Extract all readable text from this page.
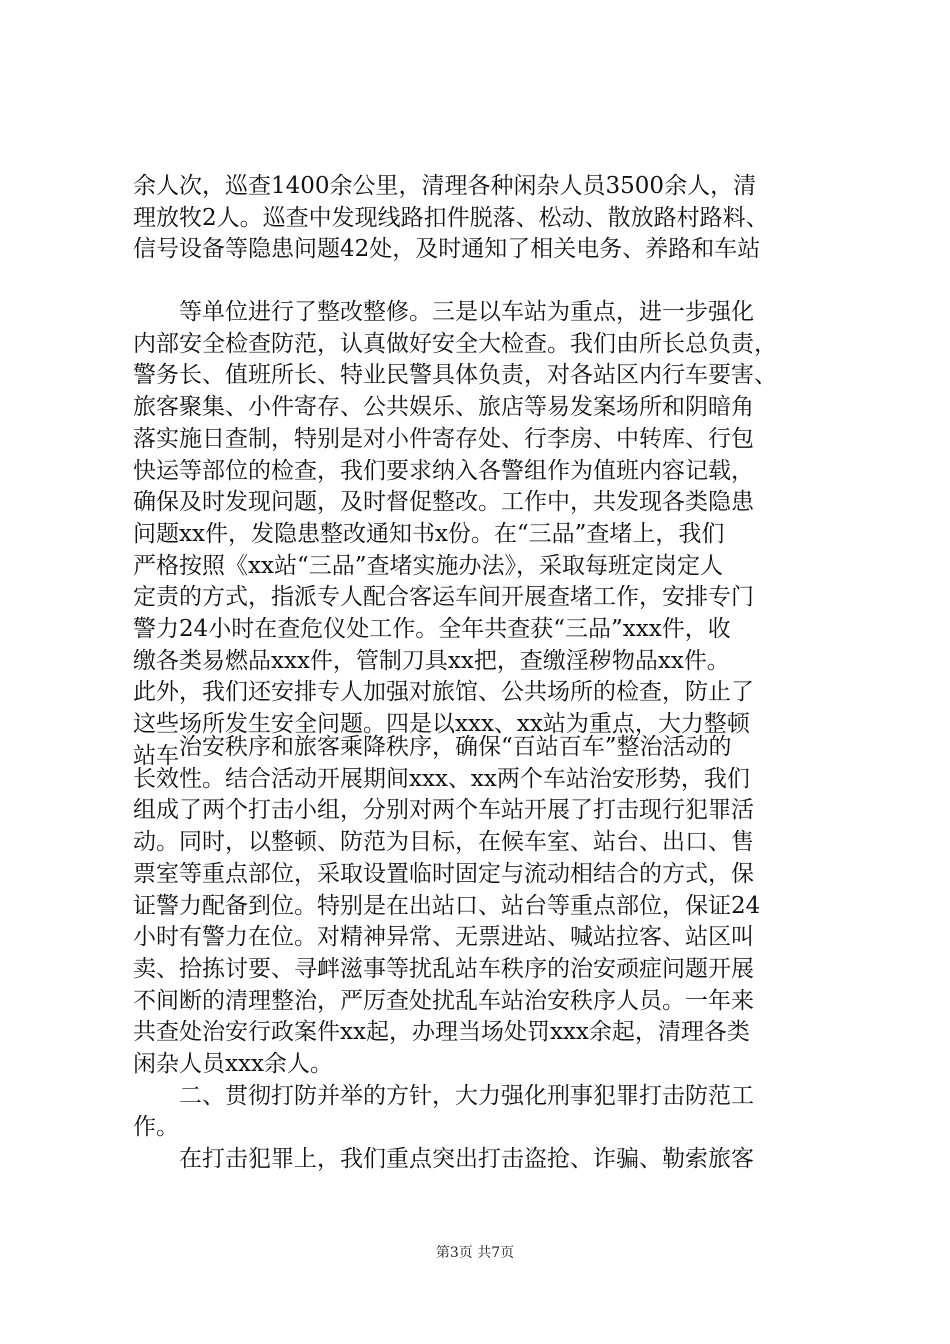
余人次，巡查1400余公里，清理各种闲杂人员3500余人，清
理放牧2人。巡查中发现线路扣件脱落、松动、散放路村路料、
信号设备等隐患问题42处，及时通知了相关电务、养路和车站
等单位进行了整改整修。三是以车站为重点，进一步强化
内部安全检查防范，认真做好安全大检查。我们由所长总负责，
警务长、值班所长、特业民警具体负责，对各站区内行车要害、
旅客聚集、小件寄存、公共娱乐、旅店等易发案场所和阴暗角
落实施日查制，特别是对小件寄存处、行李房、中转库、行包
快运等部位的检查，我们要求纳入各警组作为值班内容记载，
确保及时发现问题，及时督促整改。工作中，共发现各类隐患
问题xx件，发隐患整改通知书x份。在“三品”查堵上，我们
严格按照《xx站“三品”查堵实施办法》，采取每班定岗定人
定责的方式，指派专人配合客运车间开展查堵工作，安排专门
警力24小时在查危仪处工作。全年共查获“三品”xxx件，收
缴各类易燃品xxx件，管制刀具xx把，查缴淫秽物品xx件。
此外，我们还安排专人加强对旅馆、公共场所的检查，防止了
这些场所发生安全问题。四是以xxx、xx站为重点，大力整顿
站车 治安秩序和旅客乘降秩序，确保“百站百车”整治活动的
长效性。结合活动开展期间xxx、xx两个车站治安形势，我们
组成了两个打击小组，分别对两个车站开展了打击现行犯罪活
动。同时，以整顿、防范为目标，在候车室、站台、出口、售
票室等重点部位，采取设置临时固定与流动相结合的方式，保
证警力配备到位。特别是在出站口、站台等重点部位，保证24
小时有警力在位。对精神异常、无票进站、喊站拉客、站区叫
卖、拾拣讨要、寻衅滋事等扰乱站车秩序的治安顽症问题开展
不间断的清理整治，严厉查处扰乱车站治安秩序人员。一年来
共查处治安行政案件xx起，办理当场处罚xxx余起，清理各类
闲杂人员xxx余人。
二、贯彻打防并举的方针，大力强化刑事犯罪打击防范工
作。
在打击犯罪上，我们重点突出打击盗抢、诈骗、勒索旅客
第3页 共7页
